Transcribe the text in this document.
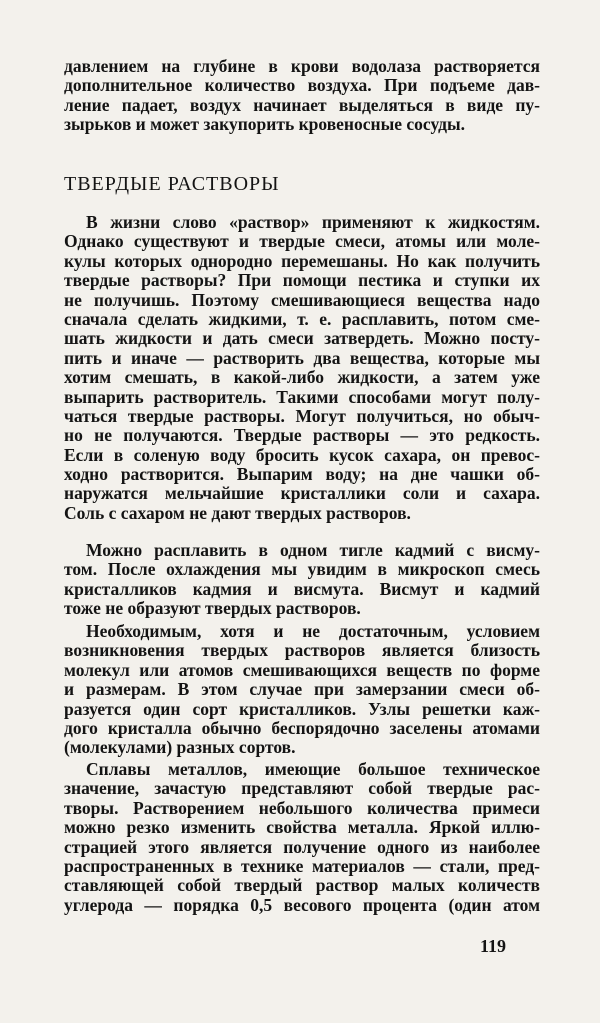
давлением на глубине в крови водолаза растворяется
дополнительное количество воздуха. При подъеме дав-
ление падает, воздух начинает выделяться в виде пу-
зырьков и может закупорить кровеносные сосуды.
ТВЕРДЫЕ РАСТВОРЫ
В жизни слово «раствор» применяют к жидкостям.
Однако существуют и твердые смеси, атомы или моле-
кулы которых однородно перемешаны. Но как получить
твердые растворы? При помощи пестика и ступки их
не получишь. Поэтому смешивающиеся вещества надо
сначала сделать жидкими, т. е. расплавить, потом сме-
шать жидкости и дать смеси затвердеть. Можно посту-
пить и иначе — растворить два вещества, которые мы
хотим смешать, в какой-либо жидкости, а затем уже
выпарить растворитель. Такими способами могут полу-
чаться твердые растворы. Могут получиться, но обыч-
но не получаются. Твердые растворы — это редкость.
Если в соленую воду бросить кусок сахара, он превос-
ходно растворится. Выпарим воду; на дне чашки об-
наружатся мельчайшие кристаллики соли и сахара.
Соль с сахаром не дают твердых растворов.
Можно расплавить в одном тигле кадмий с висму-
том. После охлаждения мы увидим в микроскоп смесь
кристалликов кадмия и висмута. Висмут и кадмий
тоже не образуют твердых растворов.
Необходимым, хотя и не достаточным, условием
возникновения твердых растворов является близость
молекул или атомов смешивающихся веществ по форме
и размерам. В этом случае при замерзании смеси об-
разуется один сорт кристалликов. Узлы решетки каж-
дого кристалла обычно беспорядочно заселены атомами
(молекулами) разных сортов.
Сплавы металлов, имеющие большое техническое
значение, зачастую представляют собой твердые рас-
творы. Растворением небольшого количества примеси
можно резко изменить свойства металла. Яркой иллю-
страцией этого является получение одного из наиболее
распространенных в технике материалов — стали, пред-
ставляющей собой твердый раствор малых количеств
углерода — порядка 0,5 весового процента (один атом
119
